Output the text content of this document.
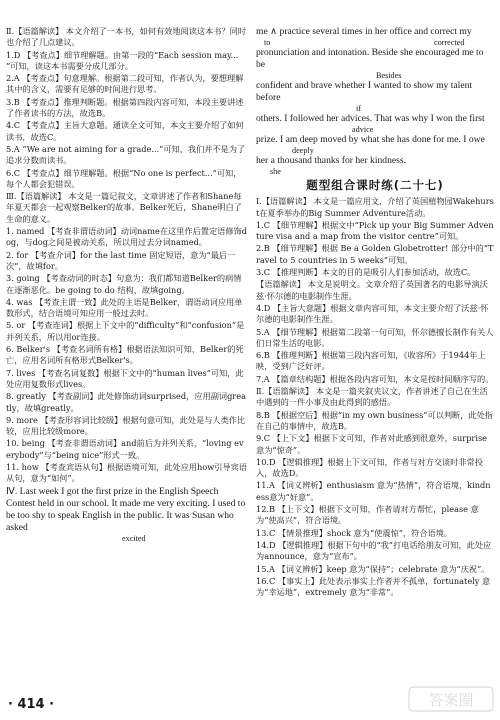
Ⅱ.【语篇解读】 本文介绍了一本书，如何有效地阅读这本书？同时也介绍了几点建议。

1.D 【考查点】细节理解题。由第一段的“Each session may... ”可知，读这本书需要分成几部分。

2.A 【考查点】句意理解。根据第二段可知，作者认为，要想理解其中的含义，需要有足够的时间进行思考。

3.B 【考查点】推理判断题。根据第四段内容可知，本段主要讲述了作者读书的方法，故选B。

4.C 【考查点】主旨大意题。通读全文可知，本文主要介绍了如何读书，故选C。

5.A “We are not aiming for a grade...”可知，我们并不是为了追求分数而读书。

6.C 【考查点】细节理解题。根据“No one is perfect...”可知，每个人都会犯错误。

Ⅲ.【语篇解读】 本文是一篇记叙文，文章讲述了作者和Shane每年夏天都会一起观察Belker的故事。Belker死后，Shane明白了生命的意义。

1. named 【考查非谓语动词】动词name在这里作后置定语修饰dog，与dog之间是被动关系，所以用过去分词named。

2. for 【考查介词】for the last time 固定短语，意为“最后一次”，故填for。

3. going 【考查动词的时态】句意为：我们都知道Belker的病情在逐渐恶化。be going to do 结构，故填going。

4. was 【考查主谓一致】此处的主语是Belker，谓语动词应用单数形式，结合语境可知应用一般过去时。

5. or 【考查连词】根据上下文中的“difficulty”和“confusion”是并列关系，所以用or连接。

6. Belker's 【考查名词所有格】根据语法知识可知，Belker的死亡，应用名词所有格形式Belker's。

7. lives 【考查名词复数】根据下文中的“human lives”可知，此处应用复数形式lives。

8. greatly 【考查副词】此处修饰动词surprised，应用副词greatly，故填greatly。

9. more 【考查形容词比较级】根据句意可知，此处是与人类作比较，应用比较级more。

10. being 【考查非谓语动词】and前后为并列关系，“loving everybody”与“being nice”形式一致。

11. how 【考查宾语从句】根据语境可知，此处应用how引导宾语从句，意为“如何”。

Ⅳ. Last week I got the first prize in the English Speech Contest held in our school. It made me very exciting. I used to be too shy to speak English in the public. It was Susan who asked
excited
me ∧ practice several times in her office and correct my
to	corrected
pronunciation and intonation. Beside she encouraged me to be
Besides
confident and brave whether I wanted to show my talent before
if
others. I followed her advices. That was why I won the first
advice
prize. I am deep moved by what she has done for me. I owe
deeply
her a thousand thanks for her kindness.
she
题型组合课时练(二十七)

Ⅰ.【语篇解读】 本文是一篇应用文，介绍了英国植物园Wakehurst在夏季举办的Big Summer Adventure活动。

1.C 【细节理解】根据文中“Pick up your Big Summer Adventure visa and a map from the visitor centre”可知。

2.B 【细节理解】根据 Be a Golden Globetrotter! 部分中的“Travel to 5 countries in 5 weeks”可知。

3.C 【推理判断】本文的目的是吸引人们参加活动，故选C。

【语篇解读】 本文是说明文。文章介绍了英国著名的电影导演沃兹·怀尔德的电影制作生涯。

4.D 【主旨大意题】根据文章内容可知，本文主要介绍了沃兹·怀尔德的电影制作生涯。

5.A 【细节理解】根据第二段第一句可知，怀尔德擅长制作有关人们日常生活的电影。

6.B 【推理判断】根据第三段内容可知，《收容所》于1944年上映，受到广泛好评。

7.A 【篇章结构题】根据各段内容可知，本文是按时间顺序写的。

Ⅱ.【语篇解读】 本文是一篇夹叙夹议文，作者讲述了自己在生活中遇到的一件小事及由此得到的感悟。

8.B 【根据空后】根据“in my own business”可以判断，此处指在自己的事情中，故选B。

9.C 【上下文】根据下文可知，作者对此感到很意外，surprise意为“惊奇”。

10.D 【逻辑推理】根据上下文可知，作者与对方交谈时非常投入，故选D。

11.A 【词义辨析】enthusiasm 意为“热情”，符合语境，kindness意为“好意”。

12.B 【上下文】根据下文可知，作者请对方帮忙，please 意为“使高兴”，符合语境。

13.C 【情景推理】shock 意为“使震惊”，符合语境。

14.D 【逻辑推理】根据下句中的“我”打电话给朋友可知，此处应为announce，意为“宣布”。

15.A 【词义辨析】keep 意为“保持”；celebrate 意为“庆祝”。

16.C 【事实上】此处表示事实上作者并不孤单，fortunately 意为“幸运地”，extremely 意为“非常”。

· 414 ·	答案圈
